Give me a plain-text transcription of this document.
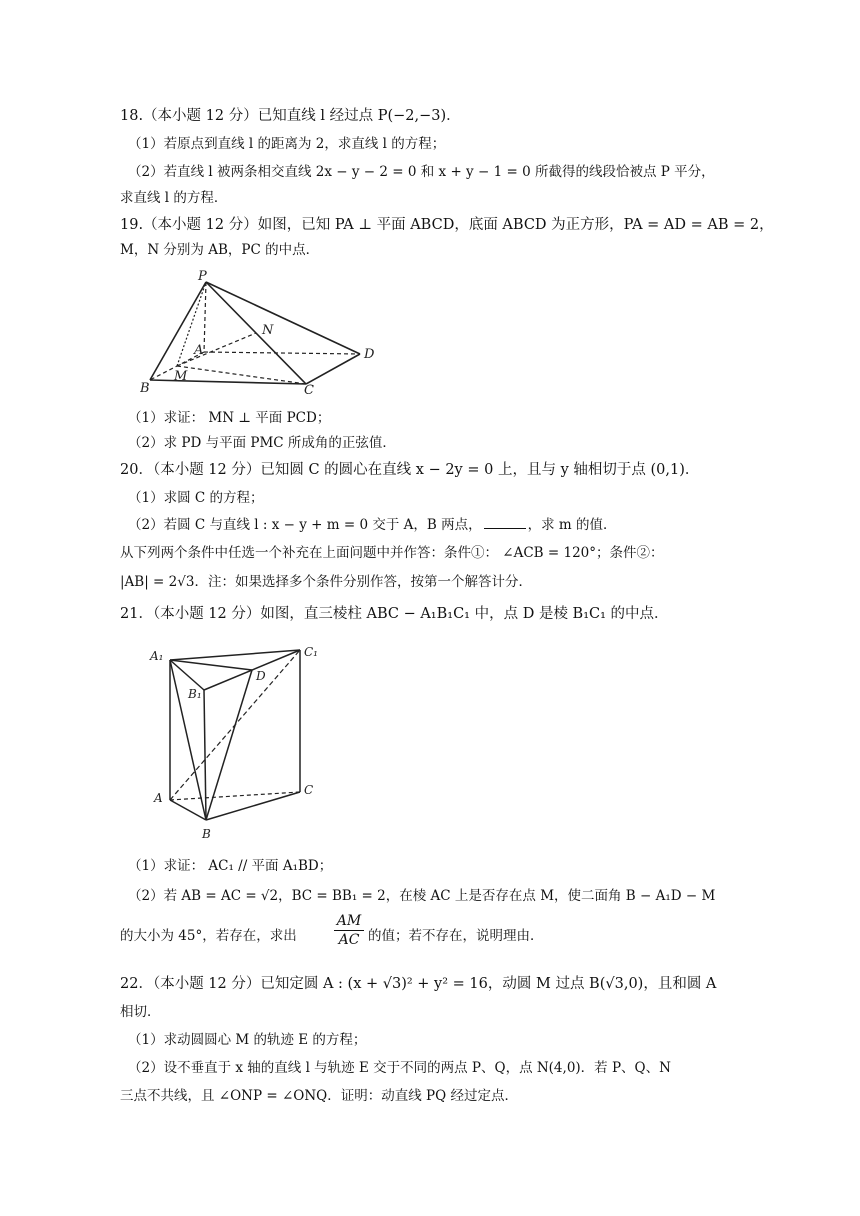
18.（本小题 12 分）已知直线 l 经过点 P(−2,−3)．
（1）若原点到直线 l 的距离为 2，求直线 l 的方程；
（2）若直线 l 被两条相交直线 2x − y − 2 = 0 和 x + y − 1 = 0 所截得的线段恰被点 P 平分，
求直线 l 的方程．
19.（本小题 12 分）如图，已知 PA ⊥ 平面 ABCD，底面 ABCD 为正方形，PA = AD = AB = 2，
M，N 分别为 AB，PC 的中点．
P
N
A
M
D
B	C
（1）求证： MN ⊥ 平面 PCD；
（2）求 PD 与平面 PMC 所成角的正弦值．
20．（本小题 12 分）已知圆 C 的圆心在直线 x − 2y = 0 上，且与 y 轴相切于点 (0,1)．
（1）求圆 C 的方程；
（2）若圆 C 与直线 l : x − y + m = 0 交于 A，B 两点，	，求 m 的值．
从下列两个条件中任选一个补充在上面问题中并作答：条件①： ∠ACB = 120°；条件②：
|AB| = 2√3．注：如果选择多个条件分别作答，按第一个解答计分．
21．（本小题 12 分）如图，直三棱柱 ABC − A₁B₁C₁ 中，点 D 是棱 B₁C₁ 的中点．
A₁	C₁
B₁
D
A
C
B
（1）求证： AC₁ // 平面 A₁BD；
（2）若 AB = AC = √2，BC = BB₁ = 2，在棱 AC 上是否存在点 M，使二面角 B − A₁D − M
的大小为 45°，若存在，求出	$\frac{AM}{AC}$ 的值；若不存在，说明理由．
22．（本小题 12 分）已知定圆 A : (x + √3)² + y² = 16，动圆 M 过点 B(√3,0)，且和圆 A
相切．
（1）求动圆圆心 M 的轨迹 E 的方程；
（2）设不垂直于 x 轴的直线 l 与轨迹 E 交于不同的两点 P、Q，点 N(4,0)．若 P、Q、N
三点不共线，且 ∠ONP = ∠ONQ．证明：动直线 PQ 经过定点．
